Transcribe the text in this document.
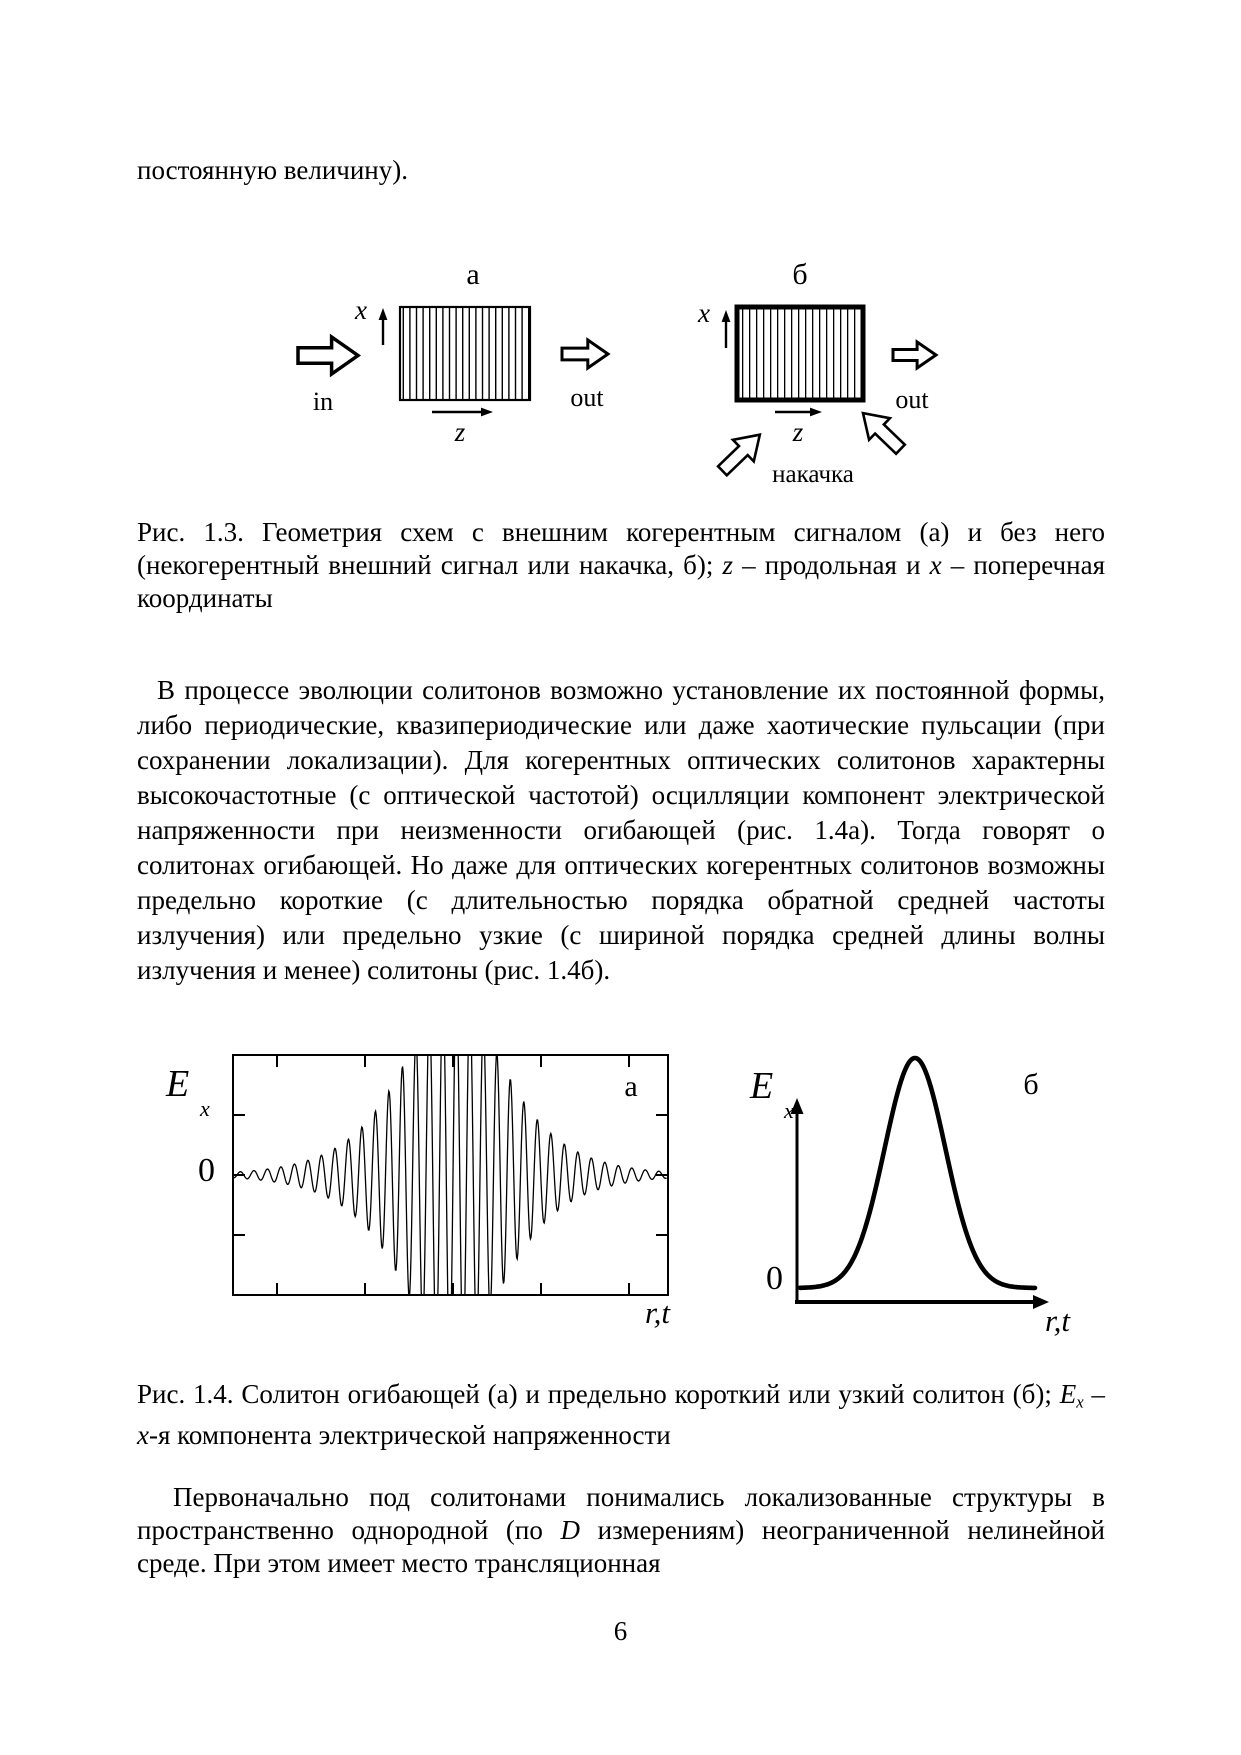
постоянную величину).
а
x
in	out
z
б
x
out
z
накачка
Рис. 1.3. Геометрия схем с внешним когерентным сигналом (а) и без него (некогерентный внешний сигнал или накачка, б); z – продольная и x – поперечная координаты
В процессе эволюции солитонов возможно установление их постоянной формы, либо периодические, квазипериодические или даже хаотические пульсации (при сохранении локализации). Для когерентных оптических солитонов характерны высокочастотные (с оптической частотой) осцилляции компонент электрической напряженности при неизменности огибающей (рис. 1.4а). Тогда говорят о солитонах огибающей. Но даже для оптических когерентных солитонов возможны предельно короткие (с длительностью порядка обратной средней частоты излучения) или предельно узкие (с шириной порядка средней длины волны излучения и менее) солитоны (рис. 1.4б).
E
x
0
а
r,t
E
x
0
б
r,t
Рис. 1.4. Солитон огибающей (а) и предельно короткий или узкий солитон (б); $E_x - х-я$ компонента электрической напряженности
Первоначально под солитонами понимались локализованные структуры в пространственно однородной (по D измерениям) неограниченной нелинейной среде. При этом имеет место трансляционная
6
